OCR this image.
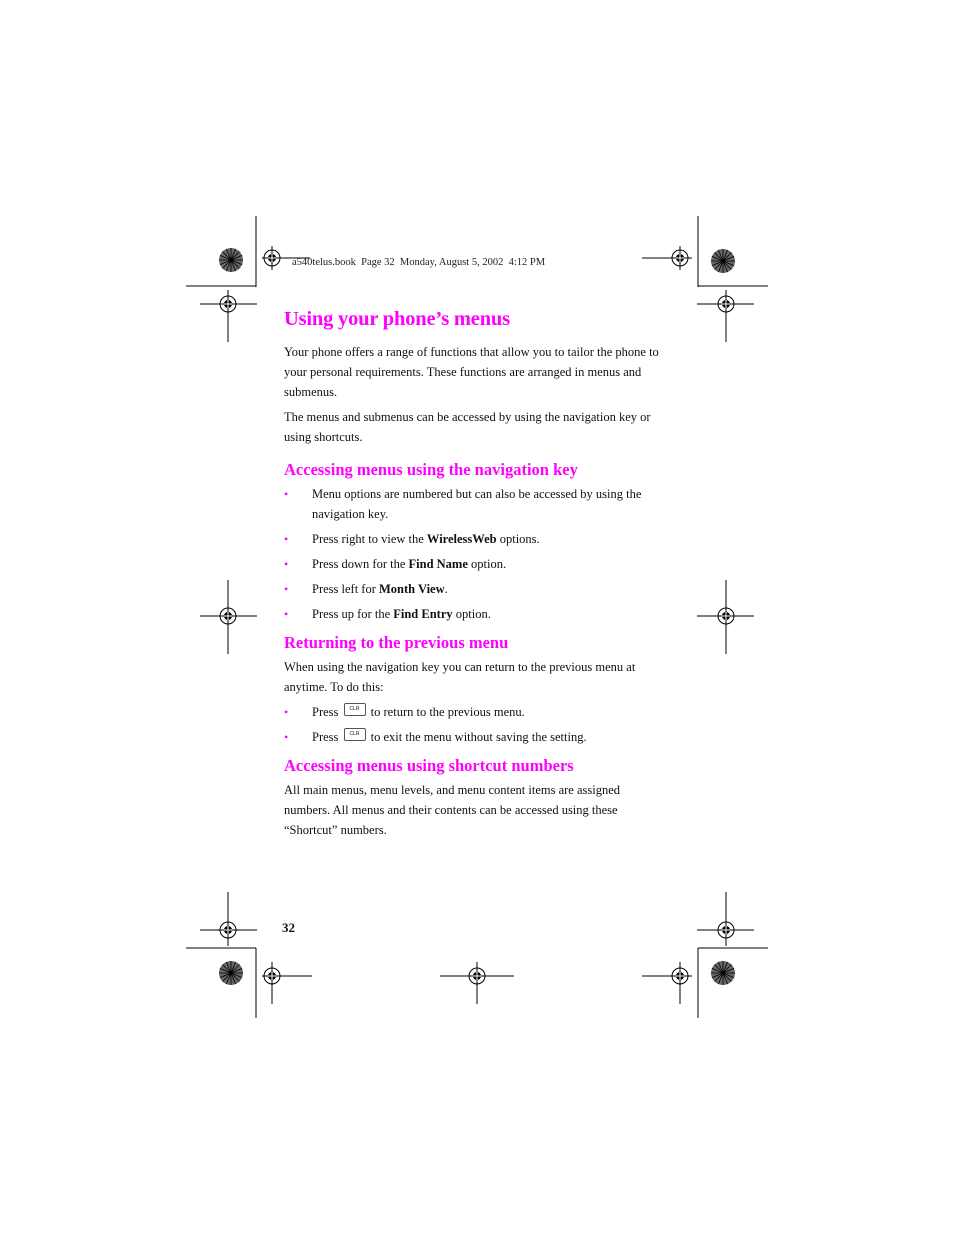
a540telus.book  Page 32  Monday, August 5, 2002  4:12 PM
Using your phone’s menus

Your phone offers a range of functions that allow you to tailor the phone to your personal requirements. These functions are arranged in menus and submenus.

The menus and submenus can be accessed by using the navigation key or using shortcuts.

Accessing menus using the navigation key
• Menu options are numbered but can also be accessed by using the navigation key.
• Press right to view the WirelessWeb options.
• Press down for the Find Name option.
• Press left for Month View.
• Press up for the Find Entry option.
Returning to the previous menu

When using the navigation key you can return to the previous menu at anytime. To do this:

• Press	CLR to return to the previous menu.
• Press	CLR to exit the menu without saving the setting.
Accessing menus using shortcut numbers

All main menus, menu levels, and menu content items are assigned numbers. All menus and their contents can be accessed using these “Shortcut” numbers.

32
